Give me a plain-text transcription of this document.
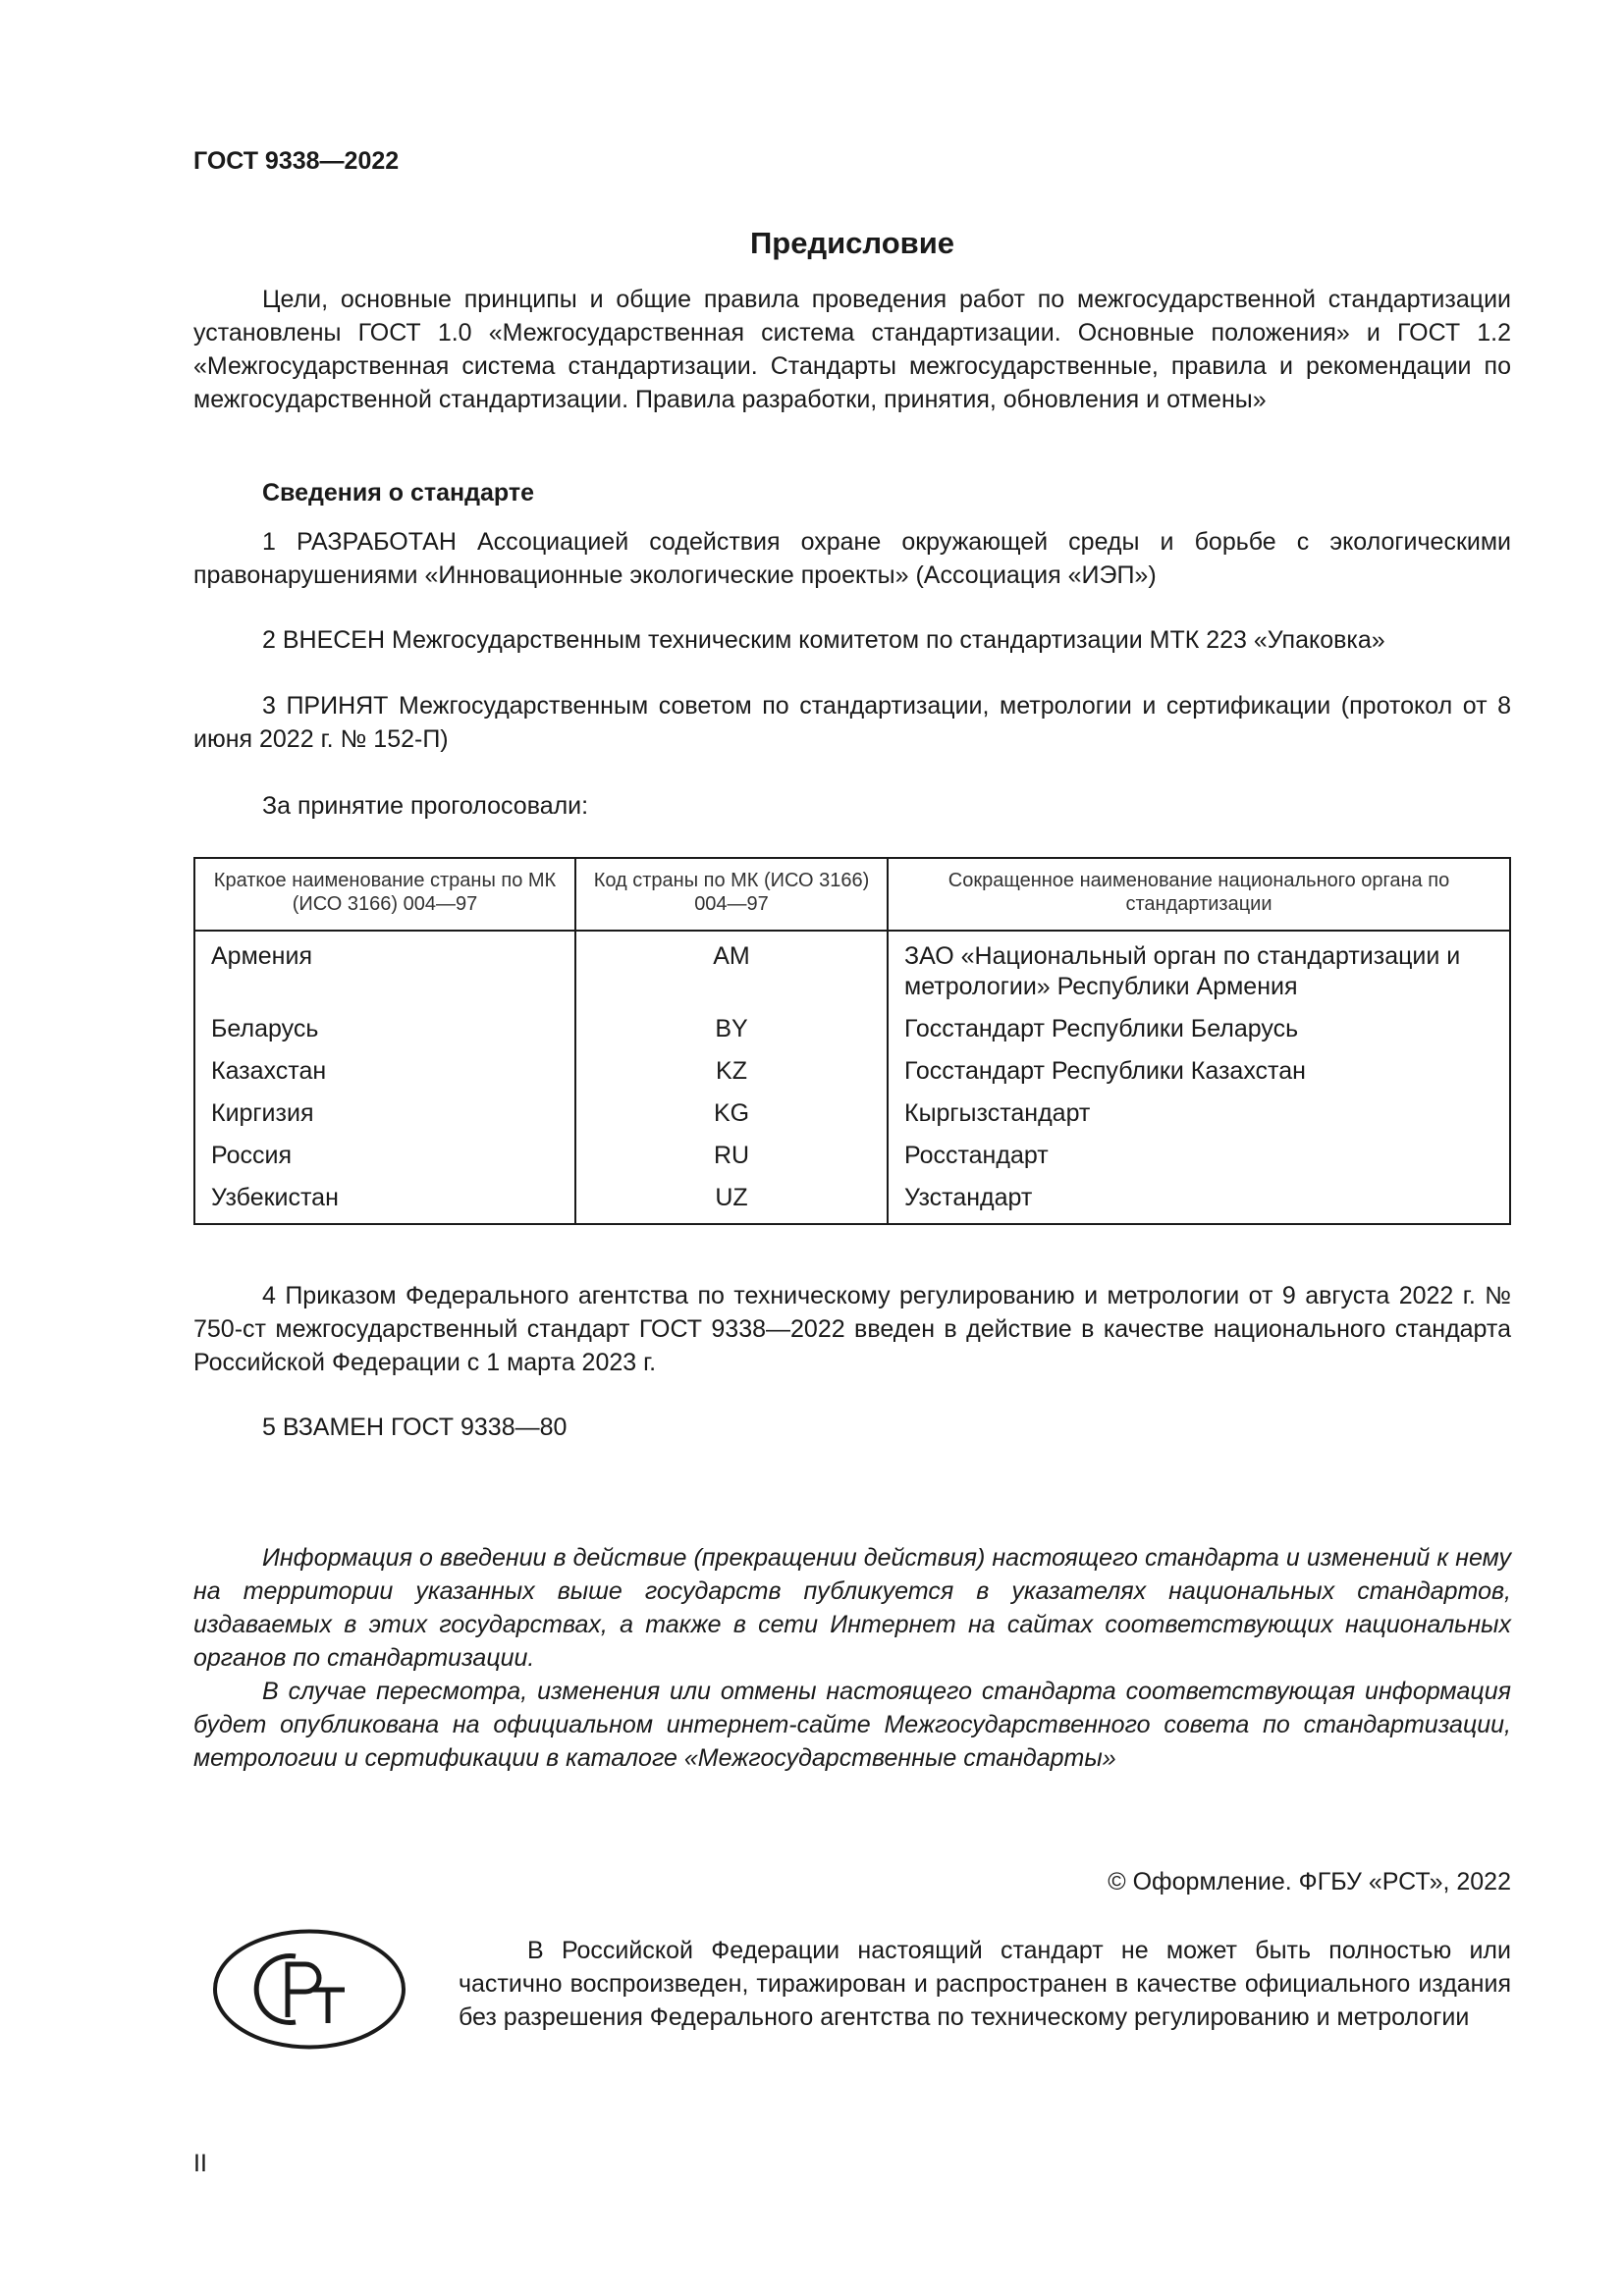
ГОСТ 9338—2022
Предисловие

Цели, основные принципы и общие правила проведения работ по межгосударственной стандартизации установлены ГОСТ 1.0 «Межгосударственная система стандартизации. Основные положения» и ГОСТ 1.2 «Межгосударственная система стандартизации. Стандарты межгосударственные, правила и рекомендации по межгосударственной стандартизации. Правила разработки, принятия, обновления и отмены»

Сведения о стандарте

1 РАЗРАБОТАН Ассоциацией содействия охране окружающей среды и борьбе с экологическими правонарушениями «Инновационные экологические проекты» (Ассоциация «ИЭП»)

2 ВНЕСЕН Межгосударственным техническим комитетом по стандартизации МТК 223 «Упаковка»

3 ПРИНЯТ Межгосударственным советом по стандартизации, метрологии и сертификации (протокол от 8 июня 2022 г. № 152-П)

За принятие проголосовали:

Краткое наименование страны по МК (ИСО 3166) 004—97	Код страны по МК (ИСО 3166) 004—97	Сокращенное наименование национального органа по стандартизации
Армения	AM	ЗАО «Национальный орган по стандартизации и метрологии» Республики Армения
Беларусь	BY	Госстандарт Республики Беларусь
Казахстан	KZ	Госстандарт Республики Казахстан
Киргизия	KG	Кыргызстандарт
Россия	RU	Росстандарт
Узбекистан	UZ	Узстандарт

4 Приказом Федерального агентства по техническому регулированию и метрологии от 9 августа 2022 г. № 750-ст межгосударственный стандарт ГОСТ 9338—2022 введен в действие в качестве национального стандарта Российской Федерации с 1 марта 2023 г.

5 ВЗАМЕН ГОСТ 9338—80

Информация о введении в действие (прекращении действия) настоящего стандарта и изменений к нему на территории указанных выше государств публикуется в указателях национальных стандартов, издаваемых в этих государствах, а также в сети Интернет на сайтах соответствующих национальных органов по стандартизации.

В случае пересмотра, изменения или отмены настоящего стандарта соответствующая информация будет опубликована на официальном интернет-сайте Межгосударственного совета по стандартизации, метрологии и сертификации в каталоге «Межгосударственные стандарты»

© Оформление. ФГБУ «РСТ», 2022

В Российской Федерации настоящий стандарт не может быть полностью или частично воспроизведен, тиражирован и распространен в качестве официального издания без разрешения Федерального агентства по техническому регулированию и метрологии

II
